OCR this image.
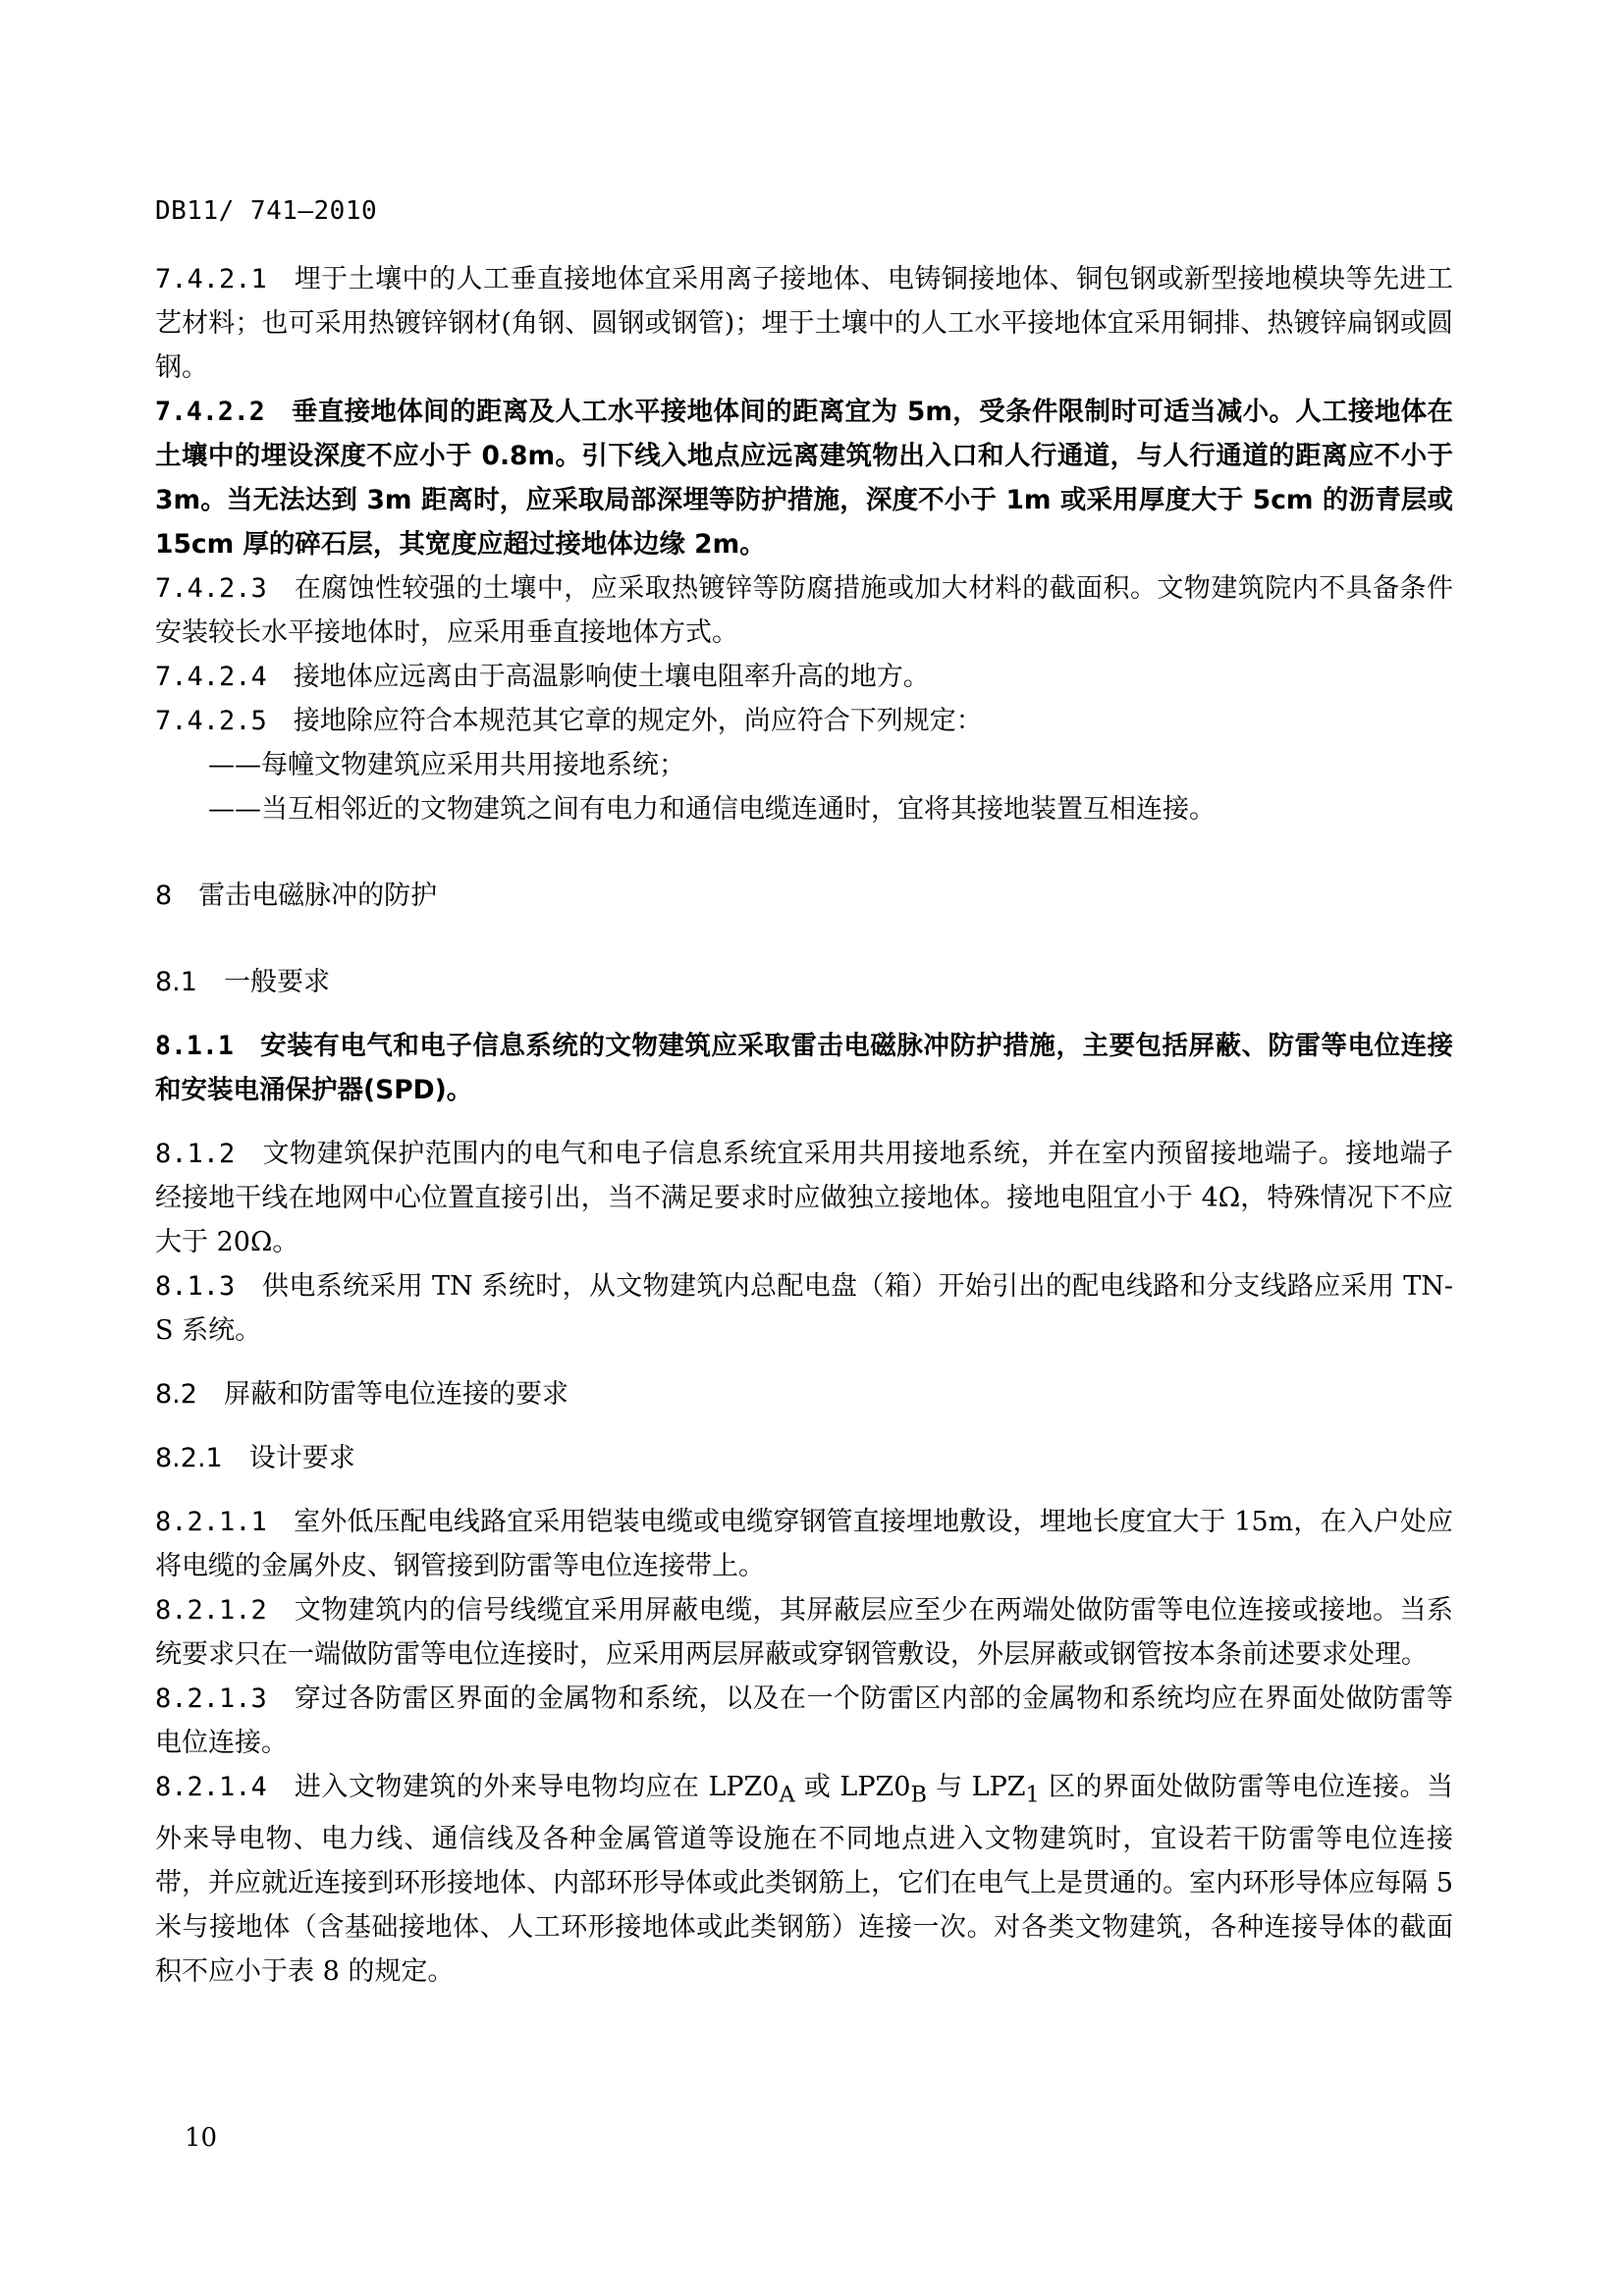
DB11/ 741—2010

7.4.2.1　 埋于土壤中的人工垂直接地体宜采用离子接地体、电铸铜接地体、铜包钢或新型接地模块等先进工艺材料；也可采用热镀锌钢材(角钢、圆钢或钢管)；埋于土壤中的人工水平接地体宜采用铜排、热镀锌扁钢或圆钢。

7.4.2.2　 垂直接地体间的距离及人工水平接地体间的距离宜为 5m，受条件限制时可适当减小。人工接地体在土壤中的埋设深度不应小于 0.8m。引下线入地点应远离建筑物出入口和人行通道，与人行通道的距离应不小于 3m。当无法达到 3m 距离时，应采取局部深埋等防护措施，深度不小于 1m 或采用厚度大于 5cm 的沥青层或 15cm 厚的碎石层，其宽度应超过接地体边缘 2m。

7.4.2.3　 在腐蚀性较强的土壤中，应采取热镀锌等防腐措施或加大材料的截面积。文物建筑院内不具备条件安装较长水平接地体时，应采用垂直接地体方式。

7.4.2.4　 接地体应远离由于高温影响使土壤电阻率升高的地方。

7.4.2.5　 接地除应符合本规范其它章的规定外，尚应符合下列规定：

——每幢文物建筑应采用共用接地系统；

——当互相邻近的文物建筑之间有电力和通信电缆连通时，宜将其接地装置互相连接。

8　雷击电磁脉冲的防护

8.1　一般要求

8.1.1　 安装有电气和电子信息系统的文物建筑应采取雷击电磁脉冲防护措施，主要包括屏蔽、防雷等电位连接和安装电涌保护器(SPD)。

8.1.2　 文物建筑保护范围内的电气和电子信息系统宜采用共用接地系统，并在室内预留接地端子。接地端子经接地干线在地网中心位置直接引出，当不满足要求时应做独立接地体。接地电阻宜小于 4Ω，特殊情况下不应大于 20Ω。

8.1.3　 供电系统采用 TN 系统时，从文物建筑内总配电盘（箱）开始引出的配电线路和分支线路应采用 TN-S 系统。

8.2　屏蔽和防雷等电位连接的要求

8.2.1　设计要求

8.2.1.1　 室外低压配电线路宜采用铠装电缆或电缆穿钢管直接埋地敷设，埋地长度宜大于 15m，在入户处应将电缆的金属外皮、钢管接到防雷等电位连接带上。

8.2.1.2　 文物建筑内的信号线缆宜采用屏蔽电缆，其屏蔽层应至少在两端处做防雷等电位连接或接地。当系统要求只在一端做防雷等电位连接时，应采用两层屏蔽或穿钢管敷设，外层屏蔽或钢管按本条前述要求处理。

8.2.1.3　 穿过各防雷区界面的金属物和系统，以及在一个防雷区内部的金属物和系统均应在界面处做防雷等电位连接。

8.2.1.4　 进入文物建筑的外来导电物均应在 $LPZ0_A$ 或 $LPZ0_B$ 与 $LPZ_1$ 区的界面处做防雷等电位连接。当外来导电物、电力线、通信线及各种金属管道等设施在不同地点进入文物建筑时，宜设若干防雷等电位连接带，并应就近连接到环形接地体、内部环形导体或此类钢筋上，它们在电气上是贯通的。室内环形导体应每隔 5 米与接地体（含基础接地体、人工环形接地体或此类钢筋）连接一次。对各类文物建筑，各种连接导体的截面积不应小于表 8 的规定。

10
